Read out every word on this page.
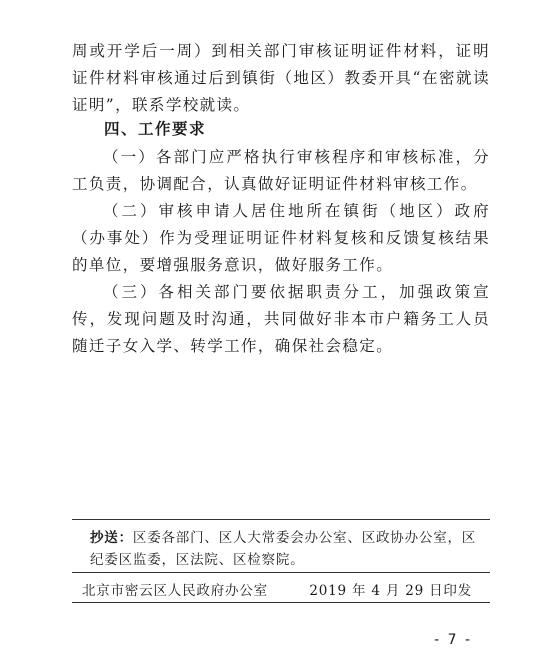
周或开学后一周）到相关部门审核证明证件材料，证明证件材料审核通过后到镇街（地区）教委开具“在密就读证明”，联系学校就读。

四、工作要求

（一）各部门应严格执行审核程序和审核标准，分工负责，协调配合，认真做好证明证件材料审核工作。

（二）审核申请人居住地所在镇街（地区）政府（办事处）作为受理证明证件材料复核和反馈复核结果的单位，要增强服务意识，做好服务工作。

（三）各相关部门要依据职责分工，加强政策宣传，发现问题及时沟通，共同做好非本市户籍务工人员随迁子女入学、转学工作，确保社会稳定。

抄送：区委各部门、区人大常委会办公室、区政协办公室，区纪委区监委，区法院、区检察院。

北京市密云区人民政府办公室	2019 年 4 月 29 日印发
- 7 -
